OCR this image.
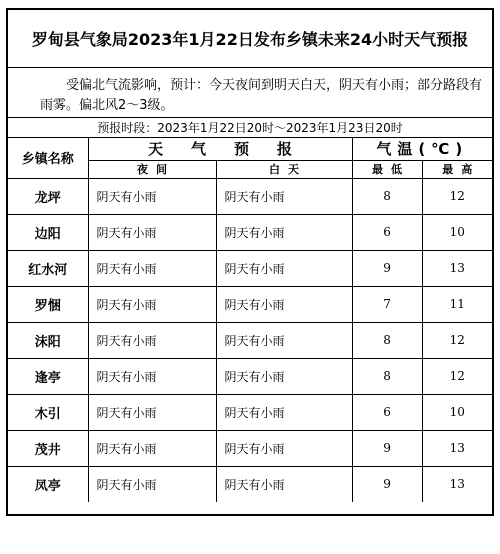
罗甸县气象局2023年1月22日发布乡镇未来24小时天气预报
受偏北气流影响，预计：今天夜间到明天白天，阴天有小雨；部分路段有雨雾。偏北风2～3级。
预报时段：2023年1月22日20时～2023年1月23日20时
乡镇名称	天气预报		气温(℃)	
	夜间	白天	最低	最高
龙坪	阴天有小雨	阴天有小雨	8	12
边阳	阴天有小雨	阴天有小雨	6	10
红水河	阴天有小雨	阴天有小雨	9	13
罗悃	阴天有小雨	阴天有小雨	7	11
沫阳	阴天有小雨	阴天有小雨	8	12
逢亭	阴天有小雨	阴天有小雨	8	12
木引	阴天有小雨	阴天有小雨	6	10
茂井	阴天有小雨	阴天有小雨	9	13
凤亭	阴天有小雨	阴天有小雨	9	13
